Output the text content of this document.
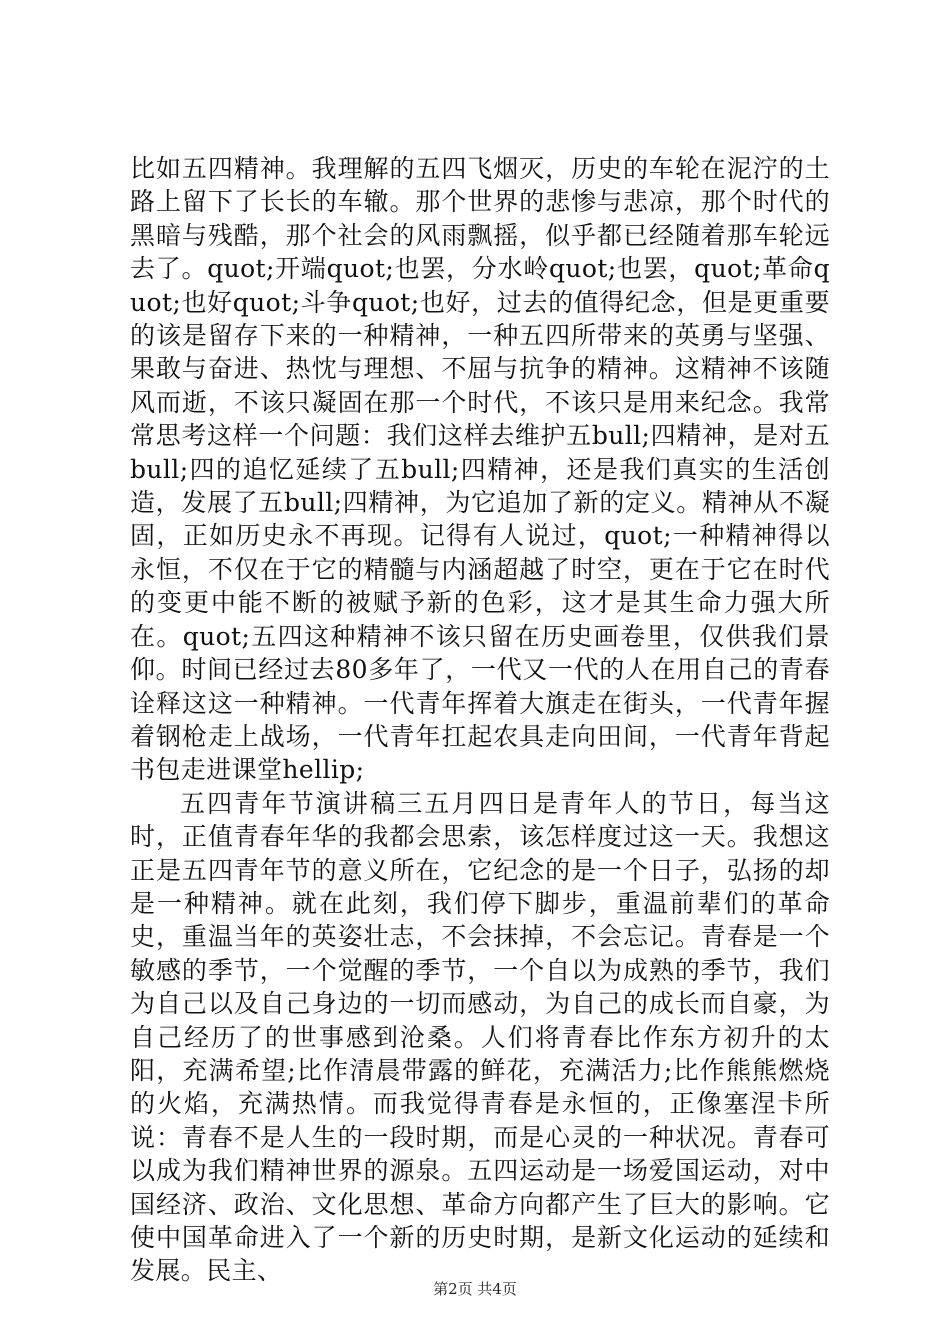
比如五四精神。我理解的五四飞烟灭，历史的车轮在泥泞的土路上留下了长长的车辙。那个世界的悲惨与悲凉，那个时代的黑暗与残酷，那个社会的风雨飘摇，似乎都已经随着那车轮远去了。quot;开端quot;也罢，分水岭quot;也罢，quot;革命quot;也好quot;斗争quot;也好，过去的值得纪念，但是更重要的该是留存下来的一种精神，一种五四所带来的英勇与坚强、果敢与奋进、热忱与理想、不屈与抗争的精神。这精神不该随风而逝，不该只凝固在那一个时代，不该只是用来纪念。我常常思考这样一个问题：我们这样去维护五bull;四精神，是对五bull;四的追忆延续了五bull;四精神，还是我们真实的生活创造，发展了五bull;四精神，为它追加了新的定义。精神从不凝固，正如历史永不再现。记得有人说过，quot;一种精神得以永恒，不仅在于它的精髓与内涵超越了时空，更在于它在时代的变更中能不断的被赋予新的色彩，这才是其生命力强大所在。quot;五四这种精神不该只留在历史画卷里，仅供我们景仰。时间已经过去80多年了，一代又一代的人在用自己的青春诠释这这一种精神。一代青年挥着大旗走在街头，一代青年握着钢枪走上战场，一代青年扛起农具走向田间，一代青年背起书包走进课堂hellip;

五四青年节演讲稿三五月四日是青年人的节日，每当这时，正值青春年华的我都会思索，该怎样度过这一天。我想这正是五四青年节的意义所在，它纪念的是一个日子，弘扬的却是一种精神。就在此刻，我们停下脚步，重温前辈们的革命史，重温当年的英姿壮志，不会抹掉，不会忘记。青春是一个敏感的季节，一个觉醒的季节，一个自以为成熟的季节，我们为自己以及自己身边的一切而感动，为自己的成长而自豪，为自己经历了的世事感到沧桑。人们将青春比作东方初升的太阳，充满希望;比作清晨带露的鲜花，充满活力;比作熊熊燃烧的火焰，充满热情。而我觉得青春是永恒的，正像塞涅卡所说：青春不是人生的一段时期，而是心灵的一种状况。青春可以成为我们精神世界的源泉。五四运动是一场爱国运动，对中国经济、政治、文化思想、革命方向都产生了巨大的影响。它使中国革命进入了一个新的历史时期，是新文化运动的延续和发展。民主、

第2页 共4页
